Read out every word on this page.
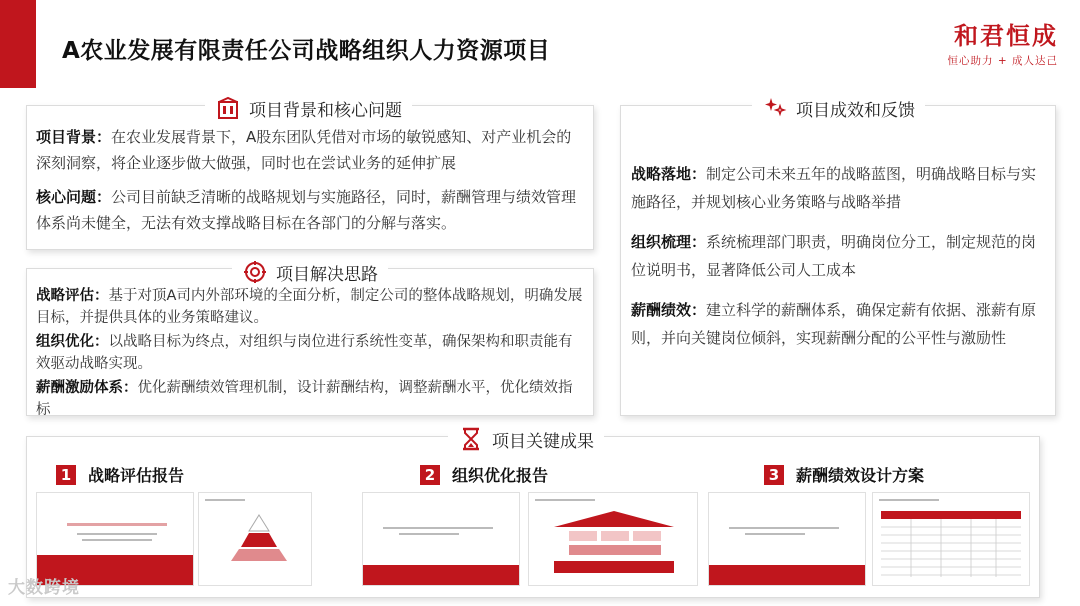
A农业发展有限责任公司战略组织人力资源项目
和君恒成
恒心助力 + 成人达己
项目背景和核心问题

项目背景：在农业发展背景下，A股东团队凭借对市场的敏锐感知、对产业机会的深刻洞察，将企业逐步做大做强，同时也在尝试业务的延伸扩展

核心问题：公司目前缺乏清晰的战略规划与实施路径，同时，薪酬管理与绩效管理体系尚未健全，无法有效支撑战略目标在各部门的分解与落实。

项目解决思路

战略评估：基于对顶A司内外部环境的全面分析，制定公司的整体战略规划，明确发展目标，并提供具体的业务策略建议。

组织优化：以战略目标为终点，对组织与岗位进行系统性变革，确保架构和职责能有效驱动战略实现。

薪酬激励体系：优化薪酬绩效管理机制，设计薪酬结构，调整薪酬水平，优化绩效指标

项目成效和反馈

战略落地：制定公司未来五年的战略蓝图，明确战略目标与实施路径，并规划核心业务策略与战略举措

组织梳理：系统梳理部门职责，明确岗位分工，制定规范的岗位说明书，显著降低公司人工成本

薪酬绩效：建立科学的薪酬体系，确保定薪有依据、涨薪有原则，并向关键岗位倾斜，实现薪酬分配的公平性与激励性

项目关键成果
1 战略评估报告	2 组织优化报告	3 薪酬绩效设计方案
大数跨境
